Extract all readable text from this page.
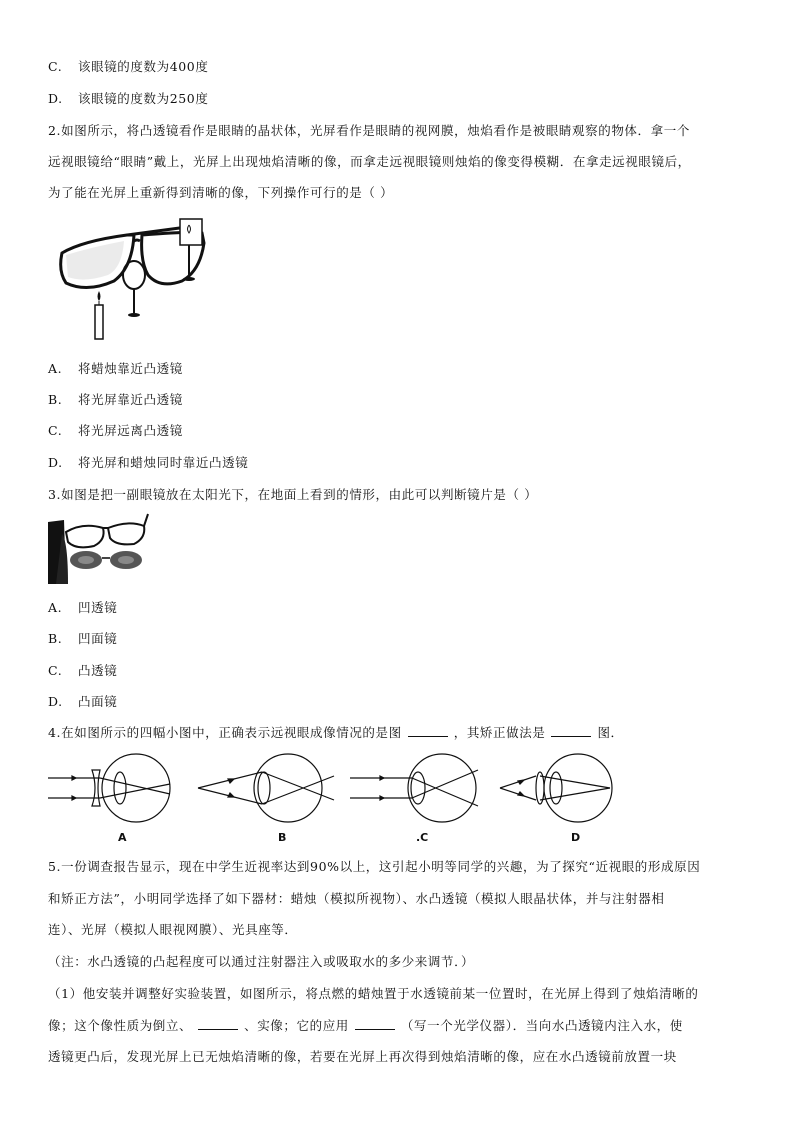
C. 该眼镜的度数为400度
D. 该眼镜的度数为250度
2.如图所示，将凸透镜看作是眼睛的晶状体，光屏看作是眼睛的视网膜，烛焰看作是被眼睛观察的物体．拿一个
远视眼镜给“眼睛”戴上，光屏上出现烛焰清晰的像，而拿走远视眼镜则烛焰的像变得模糊．在拿走远视眼镜后，
为了能在光屏上重新得到清晰的像，下列操作可行的是（ ）
A. 将蜡烛靠近凸透镜
B. 将光屏靠近凸透镜
C. 将光屏远离凸透镜
D. 将光屏和蜡烛同时靠近凸透镜
3.如图是把一副眼镜放在太阳光下，在地面上看到的情形，由此可以判断镜片是（ ）
A. 凹透镜
B. 凹面镜
C. 凸透镜
D. 凸面镜
4.在如图所示的四幅小图中，正确表示远视眼成像情况的是图	，其矫正做法是	图．
A	B	.C	D
5.一份调查报告显示，现在中学生近视率达到90%以上，这引起小明等同学的兴趣，为了探究“近视眼的形成原因
和矫正方法”，小明同学选择了如下器材：蜡烛（模拟所视物）、水凸透镜（模拟人眼晶状体，并与注射器相
连）、光屏（模拟人眼视网膜）、光具座等．
（注：水凸透镜的凸起程度可以通过注射器注入或吸取水的多少来调节．）
（1）他安装并调整好实验装置，如图所示，将点燃的蜡烛置于水透镜前某一位置时，在光屏上得到了烛焰清晰的
像；这个像性质为倒立、	、实像；它的应用	（写一个光学仪器）．当向水凸透镜内注入水，使
透镜更凸后，发现光屏上已无烛焰清晰的像，若要在光屏上再次得到烛焰清晰的像，应在水凸透镜前放置一块
